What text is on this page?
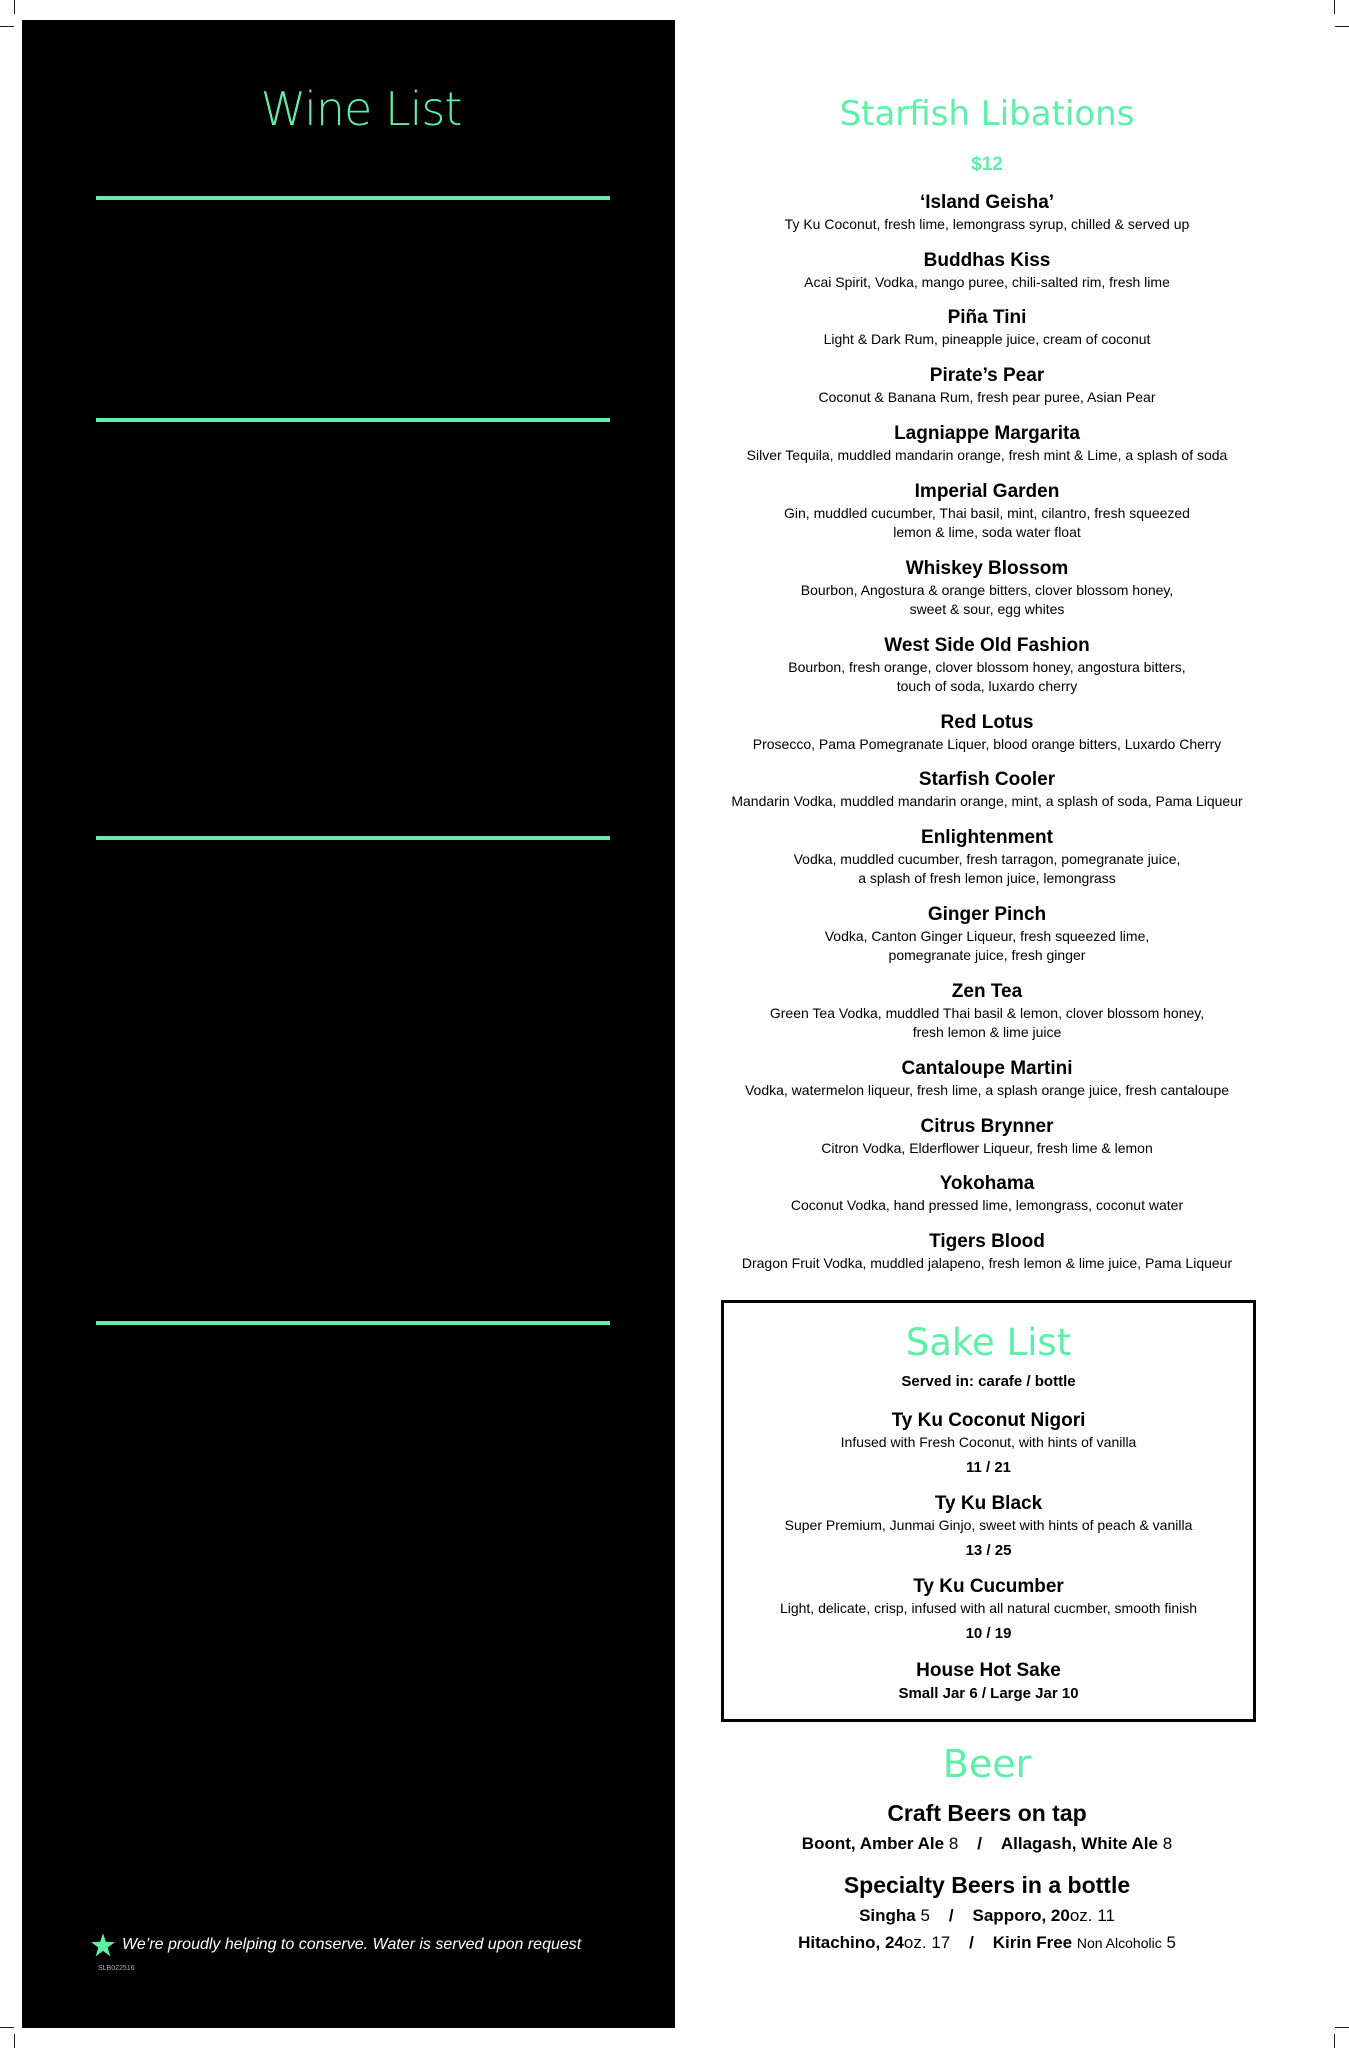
Wine List
Bubbles
Prosecco, Menage a Trois, D.O.C. - Italy	8 / 32
Champagne, Veuve Cliquot - France, NV	85
Champagne, Ruinart, Blanc de Blanc - France, NV	110
Brut Rose, Argyle - Oregon	62
Whites by the glass
Riesling, “Kung Fu Girl”, Charles Smith - Washington State 8 / 32
Pinot Grigio, “Scarpetta”, IGT, Friuli - Italy	10 / 40
Rose, Halter Ranch, Grenache/Mourvèdre/Syrah	10 / 40
Paso Robles, CA
Viognier/Marsanne,”The Hermit Crab”, d’Arenberg	11 / 44
South Australia
Sauvignon Blanc, Matua - New Zealand	9 / 36
Sauvignon Blanc, Mirror - Napa Valley	11 / 44
Chardonnay, Spellbound - California	8 / 32
Chardonnay (Unoaked), Saracina - Mendocino County	10 / 40
Chardonnay, La Crema - Sonoma Coast	14 / 56
Reds by the glass
Malbec, “Tahuan”, Ernesto Catena Vineyards, Mendoza 10 / 40
Argentia
Sangiovese, Bocelli Family Vineyard - Tuscany, Italy	11 / 44
Pinot Noir, “SR / 246”, Zotovich - Santa Rita Hills	12 / 48
Pinot Noir, La Crema - Willamette Valley, Oregon	15 / 60
Cabernet Sauvignon, “The Resolution”, Branham	13 / 52
Napa Valley
Cabernet, Justin - Paso Robles	15 / 60
Syrah/Zinfandel/Petit Sirah, “Sexual Chocolate”	14 / 48
Napa Valley / Sonoma
Zinfandel/Cabernet blend, “The Prisoner” - Napa Valley 19 / 76
Zinfandel, “Pay Dirt” - Paso Robles	15 / 60
Grenache Rouge Reserve, Perrin Famille	half bottle 16
Cotes du Rhone, France 2012
Wines by the bottle
Viognier based blend, “Tail Feathers”, Corra Wines	55
Rogue Valley, Oregon 2014
Riesling, Loimer - Kamptal, Austria 2013	52
Reisling, Nut House - Argyle, Oregon 2012	40
Pinot Gris blend, Kendall Jackson, Vintners Reserve	38
California 2014
Pinot Grigio, “Scarpetta”, IGT, Friuli - Italy 2013	34
Sancerre, Domaine Deleporte a Chavignol - France 2014	48
Chablis, Domain Louis Michele - France 2013	54
Chardonnay, The Flowers - Sonoma Coast 2013	65
Chardonnay, Cakebread - Napa Valley 2013	76
Pinot Noir, Hartford Court - Russian River Valley 2013	65
Pinot Noir, DuMol - Russian River Valley 2012	110
Petit Verdot/Syrah/Tempranillo “Bull By the Horns”	54
Barrel 27 - Paso Robles 2011
Cabernet Sauvignon, Stonestreet, Estate Vineyard	65
Alexander Valley 2010
Cabernet Sauvignon, Mirror - Napa Valley 2010	105
Cabernet Sauvignon, Levendi, Stagecoach Vineyard	95
Napa Valley 2009
We’re proudly helping to conserve. Water is served upon request
SLB022516
Starfish Libations
$12
‘Island Geisha’
Ty Ku Coconut, fresh lime, lemongrass syrup, chilled & served up
Buddhas Kiss
Acai Spirit, Vodka, mango puree, chili-salted rim, fresh lime
Piña Tini
Light & Dark Rum, pineapple juice, cream of coconut
Pirate’s Pear
Coconut & Banana Rum, fresh pear puree, Asian Pear
Lagniappe Margarita
Silver Tequila, muddled mandarin orange, fresh mint & Lime, a splash of soda
Imperial Garden
Gin, muddled cucumber, Thai basil, mint, cilantro, fresh squeezed
lemon & lime, soda water float
Whiskey Blossom
Bourbon, Angostura & orange bitters, clover blossom honey,
sweet & sour, egg whites
West Side Old Fashion
Bourbon, fresh orange, clover blossom honey, angostura bitters,
touch of soda, luxardo cherry
Red Lotus
Prosecco, Pama Pomegranate Liquer, blood orange bitters, Luxardo Cherry
Starfish Cooler
Mandarin Vodka, muddled mandarin orange, mint, a splash of soda, Pama Liqueur
Enlightenment
Vodka, muddled cucumber, fresh tarragon, pomegranate juice,
a splash of fresh lemon juice, lemongrass
Ginger Pinch
Vodka, Canton Ginger Liqueur, fresh squeezed lime,
pomegranate juice, fresh ginger
Zen Tea
Green Tea Vodka, muddled Thai basil & lemon, clover blossom honey,
fresh lemon & lime juice
Cantaloupe Martini
Vodka, watermelon liqueur, fresh lime, a splash orange juice, fresh cantaloupe
Citrus Brynner
Citron Vodka, Elderflower Liqueur, fresh lime & lemon
Yokohama
Coconut Vodka, hand pressed lime, lemongrass, coconut water
Tigers Blood
Dragon Fruit Vodka, muddled jalapeno, fresh lemon & lime juice, Pama Liqueur
Sake List
Served in: carafe / bottle
Ty Ku Coconut Nigori
Infused with Fresh Coconut, with hints of vanilla
11 / 21
Ty Ku Black
Super Premium, Junmai Ginjo, sweet with hints of peach & vanilla
13 / 25
Ty Ku Cucumber
Light, delicate, crisp, infused with all natural cucmber, smooth finish
10 / 19
House Hot Sake
Small Jar 6 / Large Jar 10
Beer
Craft Beers on tap
Boont, Amber Ale 8 / Allagash, White Ale 8
Specialty Beers in a bottle
Singha 5 / Sapporo, 20oz. 11
Hitachino, 24oz. 17 / Kirin Free Non Alcoholic 5
